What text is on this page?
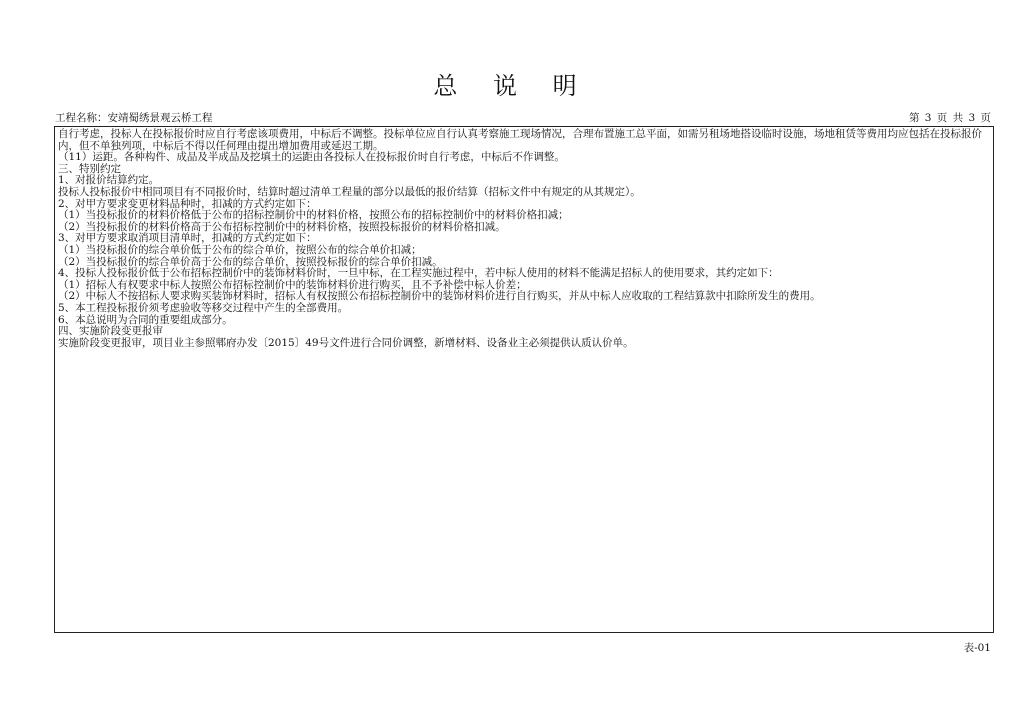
总 说 明
工程名称：安靖蜀绣景观云桥工程	第 3 页 共 3 页
自行考虑，投标人在投标报价时应自行考虑该项费用，中标后不调整。投标单位应自行认真考察施工现场情况，合理布置施工总平面，如需另租场地搭设临时设施，场地租赁等费用均应包括在投标报价内，但不单独列项，中标后不得以任何理由提出增加费用或延迟工期。
（11）运距。各种构件、成品及半成品及挖填土的运距由各投标人在投标报价时自行考虑，中标后不作调整。
三、特别约定
1、对报价结算约定。
投标人投标报价中相同项目有不同报价时，结算时超过清单工程量的部分以最低的报价结算（招标文件中有规定的从其规定）。
2、对甲方要求变更材料品种时，扣减的方式约定如下：
（1）当投标报价的材料价格低于公布的招标控制价中的材料价格，按照公布的招标控制价中的材料价格扣减；
（2）当投标报价的材料价格高于公布招标控制价中的材料价格，按照投标报价的材料价格扣减。
3、对甲方要求取消项目清单时，扣减的方式约定如下：
（1）当投标报价的综合单价低于公布的综合单价，按照公布的综合单价扣减；
（2）当投标报价的综合单价高于公布的综合单价，按照投标报价的综合单价扣减。
4、投标人投标报价低于公布招标控制价中的装饰材料价时，一旦中标，在工程实施过程中，若中标人使用的材料不能满足招标人的使用要求，其约定如下：
（1）招标人有权要求中标人按照公布招标控制价中的装饰材料价进行购买，且不予补偿中标人价差；
（2）中标人不按招标人要求购买装饰材料时，招标人有权按照公布招标控制价中的装饰材料价进行自行购买，并从中标人应收取的工程结算款中扣除所发生的费用。
5、本工程投标报价须考虑验收等移交过程中产生的全部费用。
6、本总说明为合同的重要组成部分。
四、实施阶段变更报审
实施阶段变更报审，项目业主参照郫府办发〔2015〕49号文件进行合同价调整，新增材料、设备业主必须提供认质认价单。
表-01
